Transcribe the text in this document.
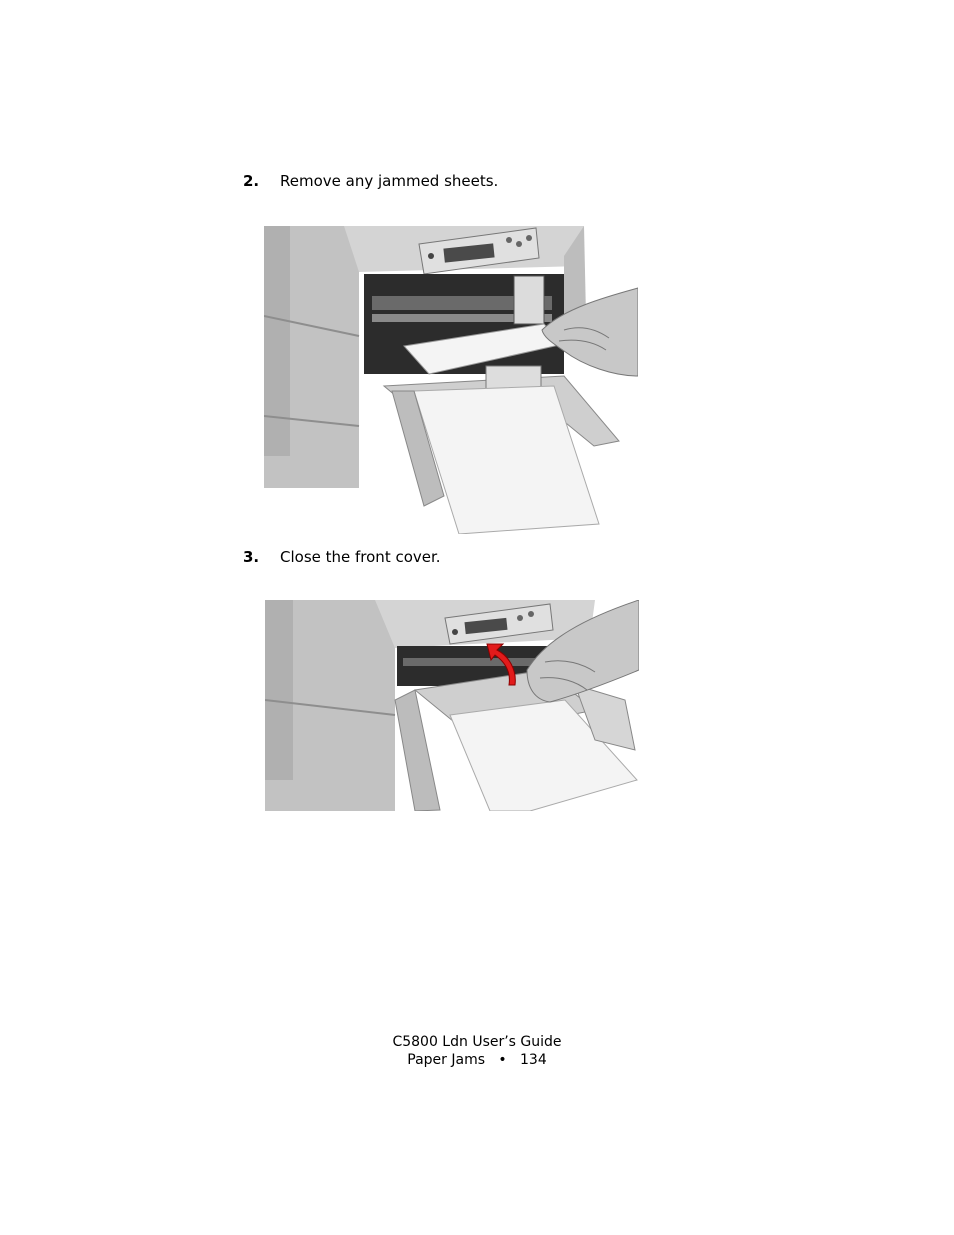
2. Remove any jammed sheets.
3. Close the front cover.
C5800 Ldn User’s Guide
Paper Jams • 134
